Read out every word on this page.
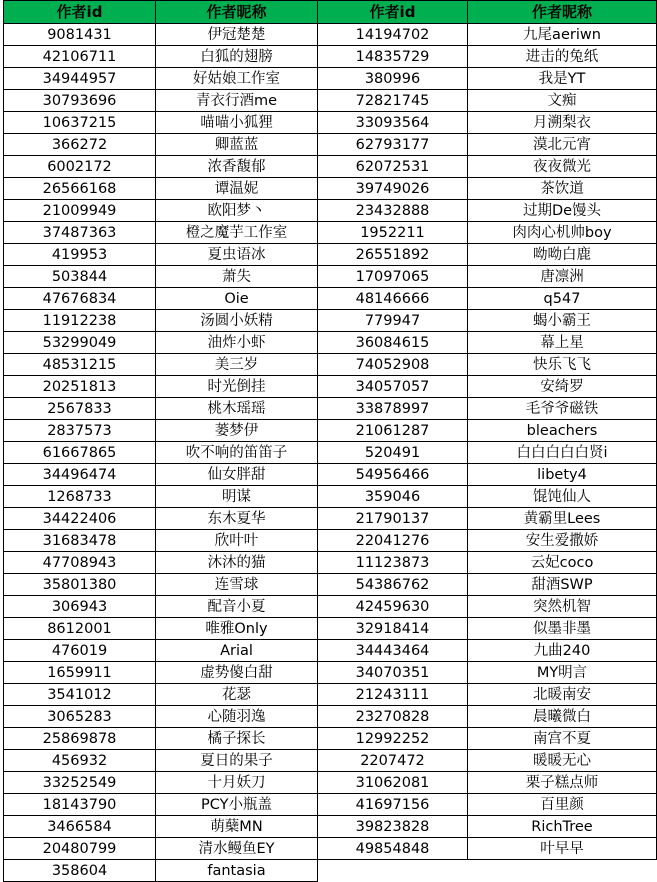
作者id	作者昵称	作者id	作者昵称
9081431	伊冠楚楚	14194702	九尾aeriwn
42106711	白狐的翅膀	14835729	进击的兔纸
34944957	好姑娘工作室	380996	我是YT
30793696	青衣行酒me	72821745	文痴
10637215	喵喵小狐狸	33093564	月溯梨衣
366272	卿蓝蓝	62793177	漠北元宵
6002172	浓香馥郁	62072531	夜夜微光
26566168	谭温妮	39749026	茶饮道
21009949	欧阳梦丶	23432888	过期De馒头
37487363	橙之魔芋工作室	1952211	肉肉心机帅boy
419953	夏虫语冰	26551892	呦呦白鹿
503844	萧失	17097065	唐凛洲
47676834	Oie	48146666	q547
11912238	汤圆小妖精	779947	蝎小霸王
53299049	油炸小虾	36084615	幕上星
48531215	美三岁	74052908	快乐飞飞
20251813	时光倒挂	34057057	安绮罗
2567833	桃木瑶瑶	33878997	毛爷爷磁铁
2837573	蒌梦伊	21061287	bleachers
61667865	吹不响的笛笛子	520491	白白白白白贤i
34496474	仙女胖甜	54956466	libety4
1268733	明谋	359046	馄饨仙人
34422406	东木夏华	21790137	黄霸里Lees
31683478	欣叶叶	22041276	安生爱撒娇
47708943	沐沐的猫	11123873	云妃coco
35801380	连雪球	54386762	甜酒SWP
306943	配音小夏	42459630	突然机智
8612001	唯雅Only	32918414	似墨非墨
476019	Arial	34443464	九曲240
1659911	虚势傻白甜	34070351	MY明言
3541012	花瑟	21243111	北暖南安
3065283	心随羽逸	23270828	晨曦微白
25869878	橘子探长	12992252	南宫不夏
456932	夏日的果子	2207472	暖暖无心
33252549	十月妖刀	31062081	栗子糕点师
18143790	PCY小瓶盖	41697156	百里颜
3466584	萌蘖MN	39823828	RichTree
20480799	清水鳗鱼EY	49854848	叶早早
358604	fantasia		
